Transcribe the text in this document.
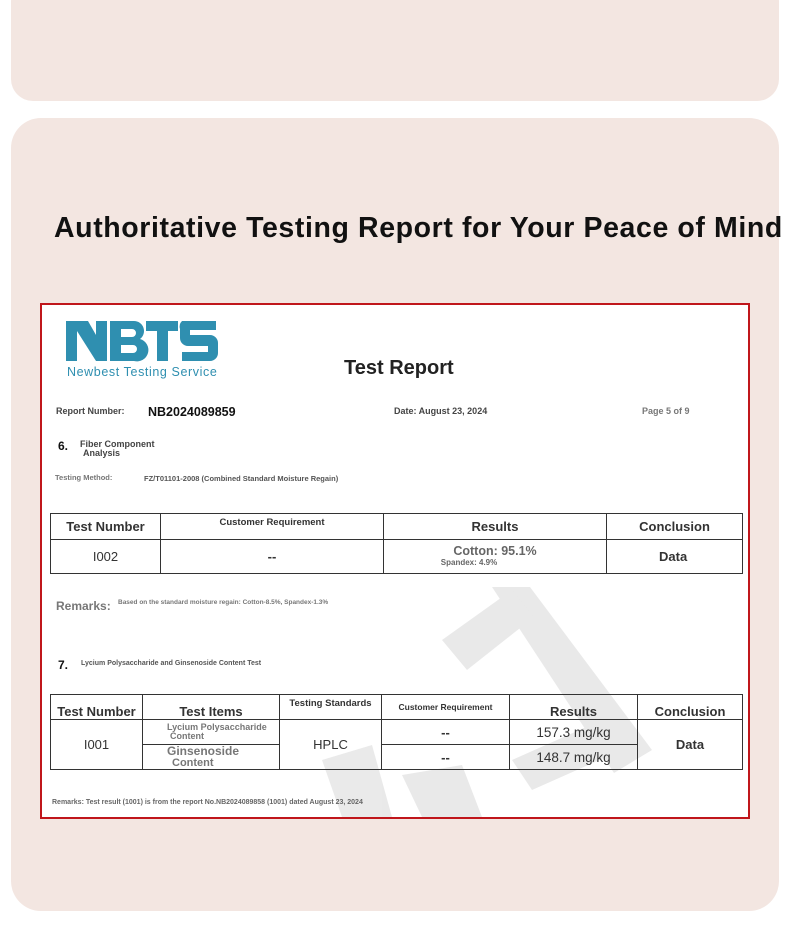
Authoritative Testing Report for Your Peace of Mind
Newbest Testing Service	Test Report
Report Number: NB2024089859	Date: August 23, 2024	Page 5 of 9
6. Fiber Component
Analysis
Testing Method:	FZ/T01101-2008 (Combined Standard Moisture Regain)
Test Number	Customer Requirement	Results	Conclusion
I002	--	Cotton: 95.1%
Spandex: 4.9%	Data
Remarks: Based on the standard moisture regain: Cotton-8.5%, Spandex-1.3%
7. Lycium Polysaccharide and Ginsenoside Content Test
Test Number	Test Items	Testing Standards	Customer Requirement	Results	Conclusion
I001	Lycium Polysaccharide
Content	HPLC	--	157.3 mg/kg	Data

	Ginsenoside
Content		--	148.7 mg/kg	
Remarks: Test result (1001) is from the report No.NB2024089858 (1001) dated August 23, 2024
